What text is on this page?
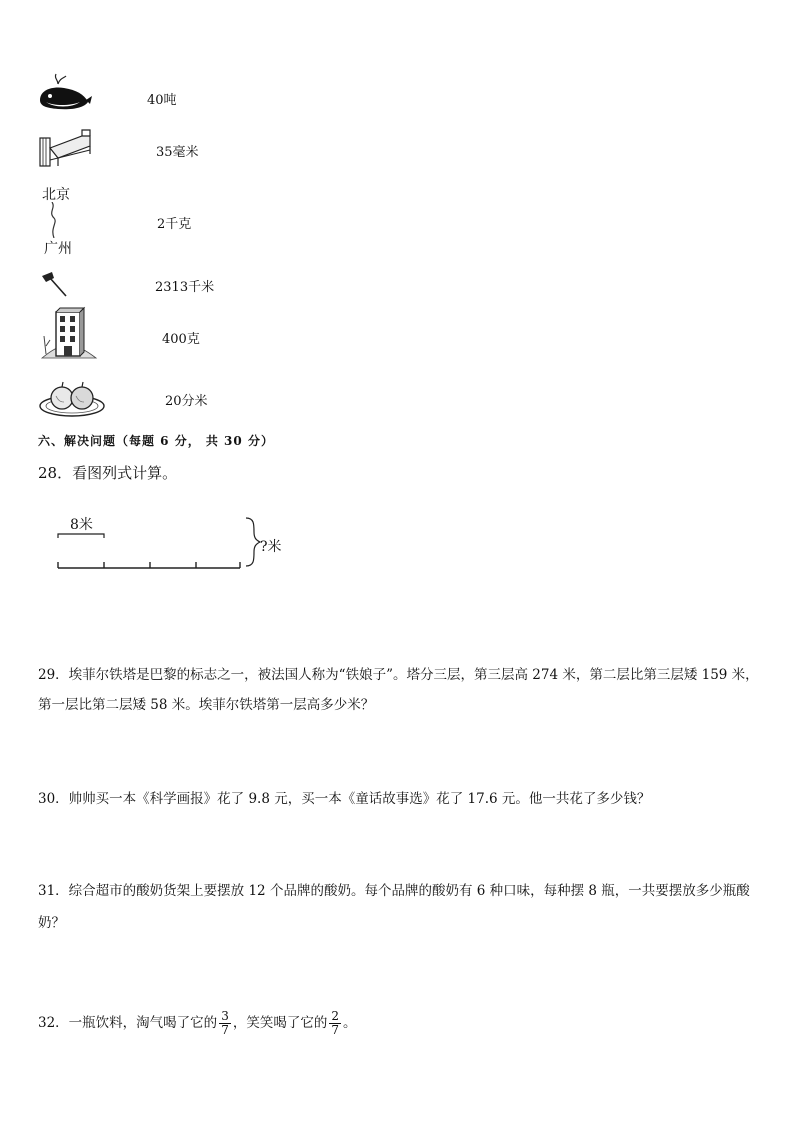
北京
广州
40吨
35毫米
2千克
2313千米
400克
20分米
六、解决问题（每题 6 分， 共 30 分）
28．看图列式计算。
8米
?米
29．埃菲尔铁塔是巴黎的标志之一，被法国人称为“铁娘子”。塔分三层，第三层高 274 米，第二层比第三层矮 159 米，
第一层比第二层矮 58 米。埃菲尔铁塔第一层高多少米？
30．帅帅买一本《科学画报》花了 9.8 元，买一本《童话故事选》花了 17.6 元。他一共花了多少钱？
31．综合超市的酸奶货架上要摆放 12 个品牌的酸奶。每个品牌的酸奶有 6 种口味，每种摆 8 瓶，一共要摆放多少瓶酸
奶？
32．一瓶饮料，淘气喝了它的 $\frac{3}{7}$ ，笑笑喝了它的 $\frac{2}{7}$ 。
